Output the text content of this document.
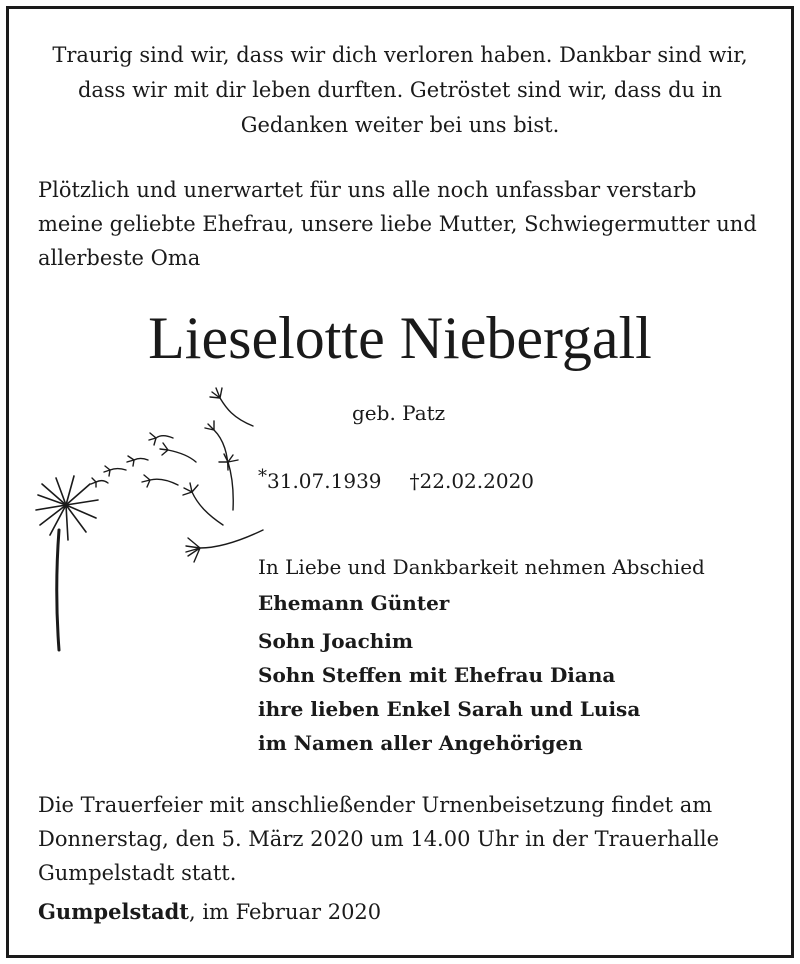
Traurig sind wir, dass wir dich verloren haben. Dankbar sind wir,
dass wir mit dir leben durften. Getröstet sind wir, dass du in
Gedanken weiter bei uns bist.
Plötzlich und unerwartet für uns alle noch unfassbar verstarb
meine geliebte Ehefrau, unsere liebe Mutter, Schwiegermutter und
allerbeste Oma
Lieselotte Niebergall
geb. Patz
*31.07.1939 †22.02.2020
In Liebe und Dankbarkeit nehmen Abschied
Ehemann Günter
Sohn Joachim
Sohn Steffen mit Ehefrau Diana
ihre lieben Enkel Sarah und Luisa
im Namen aller Angehörigen
Die Trauerfeier mit anschließender Urnenbeisetzung findet am
Donnerstag, den 5. März 2020 um 14.00 Uhr in der Trauerhalle
Gumpelstadt statt.
Gumpelstadt, im Februar 2020
